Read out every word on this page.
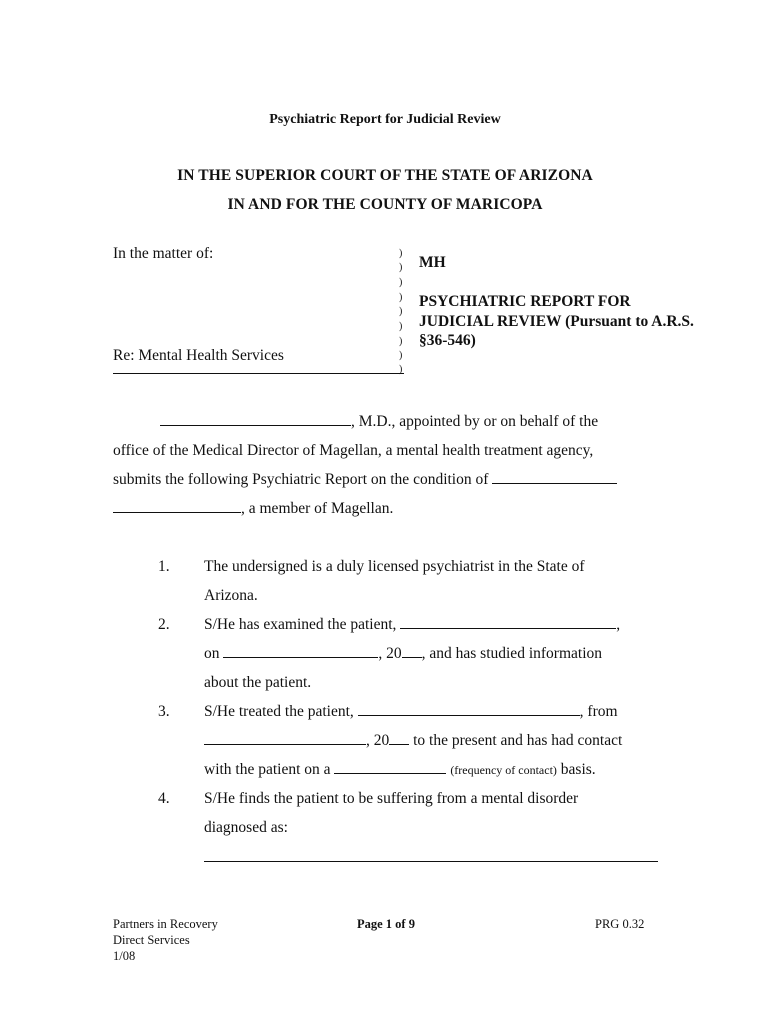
Psychiatric Report for Judicial Review
IN THE SUPERIOR COURT OF THE STATE OF ARIZONA
IN AND FOR THE COUNTY OF MARICOPA
In the matter of:
Re: Mental Health Services
)
)
)
)
)
)
)
)
)
MH
PSYCHIATRIC REPORT FOR
JUDICIAL REVIEW (Pursuant to A.R.S.
§36-546)
, M.D., appointed by or on behalf of the
office of the Medical Director of Magellan, a mental health treatment agency,
submits the following Psychiatric Report on the condition of
, a member of Magellan.
1. The undersigned is a duly licensed psychiatrist in the State of
Arizona.
2. S/He has examined the patient,	,
on	, 20 , and has studied information
about the patient.
3. S/He treated the patient,	, from
, 20 to the present and has had contact
with the patient on a	(frequency of contact) basis.
4. S/He finds the patient to be suffering from a mental disorder
diagnosed as:
Partners in Recovery
Direct Services
1/08
Page 1 of 9	PRG 0.32
